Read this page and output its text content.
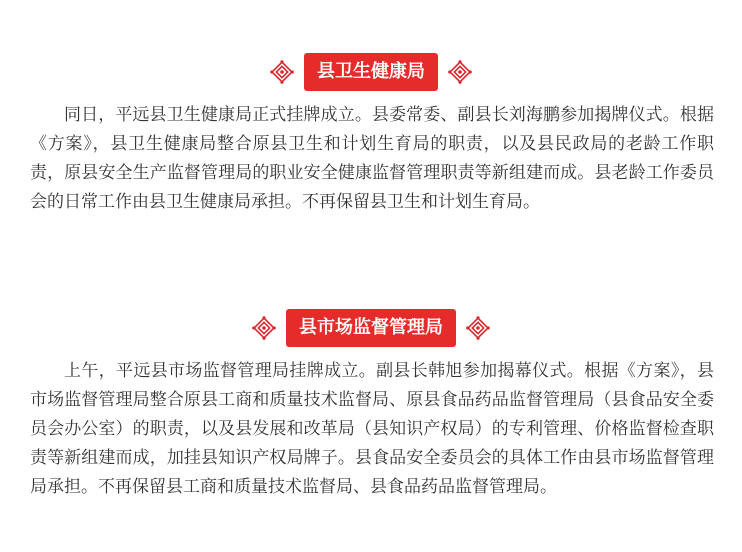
县卫生健康局

同日，平远县卫生健康局正式挂牌成立。县委常委、副县长刘海鹏参加揭牌仪式。根据《方案》，县卫生健康局整合原县卫生和计划生育局的职责，以及县民政局的老龄工作职责，原县安全生产监督管理局的职业安全健康监督管理职责等新组建而成。县老龄工作委员会的日常工作由县卫生健康局承担。不再保留县卫生和计划生育局。

县市场监督管理局

上午，平远县市场监督管理局挂牌成立。副县长韩旭参加揭幕仪式。根据《方案》，县市场监督管理局整合原县工商和质量技术监督局、原县食品药品监督管理局（县食品安全委员会办公室）的职责，以及县发展和改革局（县知识产权局）的专利管理、价格监督检查职责等新组建而成，加挂县知识产权局牌子。县食品安全委员会的具体工作由县市场监督管理局承担。不再保留县工商和质量技术监督局、县食品药品监督管理局。
